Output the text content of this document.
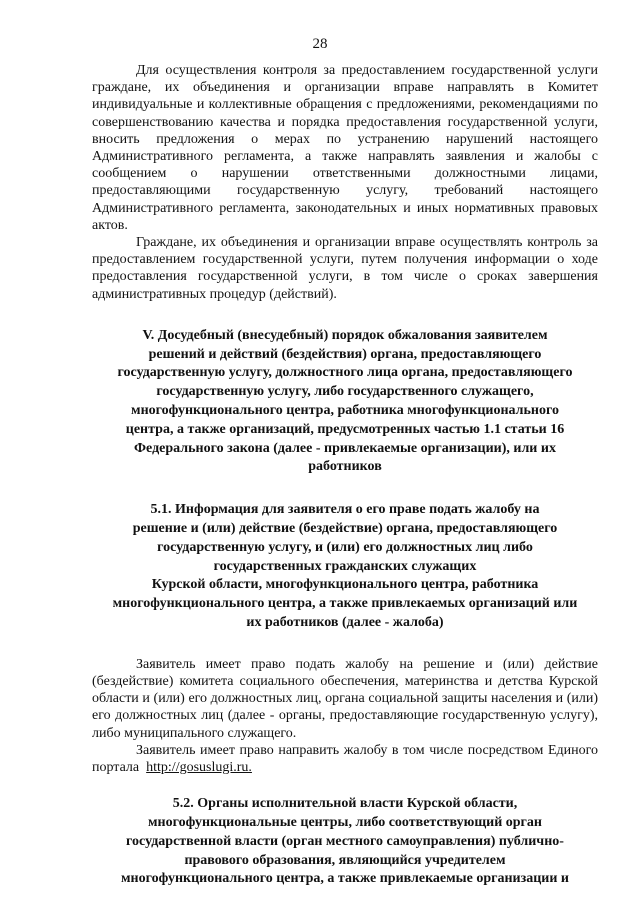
28

Для осуществления контроля за предоставлением государственной услуги граждане, их объединения и организации вправе направлять в Комитет индивидуальные и коллективные обращения с предложениями, рекомендациями по совершенствованию качества и порядка предоставления государственной услуги, вносить предложения о мерах по устранению нарушений настоящего Административного регламента, а также направлять заявления и жалобы с сообщением о нарушении ответственными должностными лицами, предоставляющими государственную услугу, требований настоящего Административного регламента, законодательных и иных нормативных правовых актов.

Граждане, их объединения и организации вправе осуществлять контроль за предоставлением государственной услуги, путем получения информации о ходе предоставления государственной услуги, в том числе о сроках завершения административных процедур (действий).

V. Досудебный (внесудебный) порядок обжалования заявителем
решений и действий (бездействия) органа, предоставляющего
государственную услугу, должностного лица органа, предоставляющего
государственную услугу, либо государственного служащего,
многофункционального центра, работника многофункционального
центра, а также организаций, предусмотренных частью 1.1 статьи 16
Федерального закона (далее - привлекаемые организации), или их
работников
5.1. Информация для заявителя о его праве подать жалобу на
решение и (или) действие (бездействие) органа, предоставляющего
государственную услугу, и (или) его должностных лиц либо
государственных гражданских служащих
Курской области, многофункционального центра, работника
многофункционального центра, а также привлекаемых организаций или
их работников (далее - жалоба)

Заявитель имеет право подать жалобу на решение и (или) действие (бездействие) комитета социального обеспечения, материнства и детства Курской области и (или) его должностных лиц, органа социальной защиты населения и (или) его должностных лиц (далее - органы, предоставляющие государственную услугу), либо муниципального служащего.

Заявитель имеет право направить жалобу в том числе посредством Единого портала http://gosuslugi.ru.

5.2. Органы исполнительной власти Курской области,
многофункциональные центры, либо соответствующий орган
государственной власти (орган местного самоуправления) публично-
правового образования, являющийся учредителем
многофункционального центра, а также привлекаемые организации и
